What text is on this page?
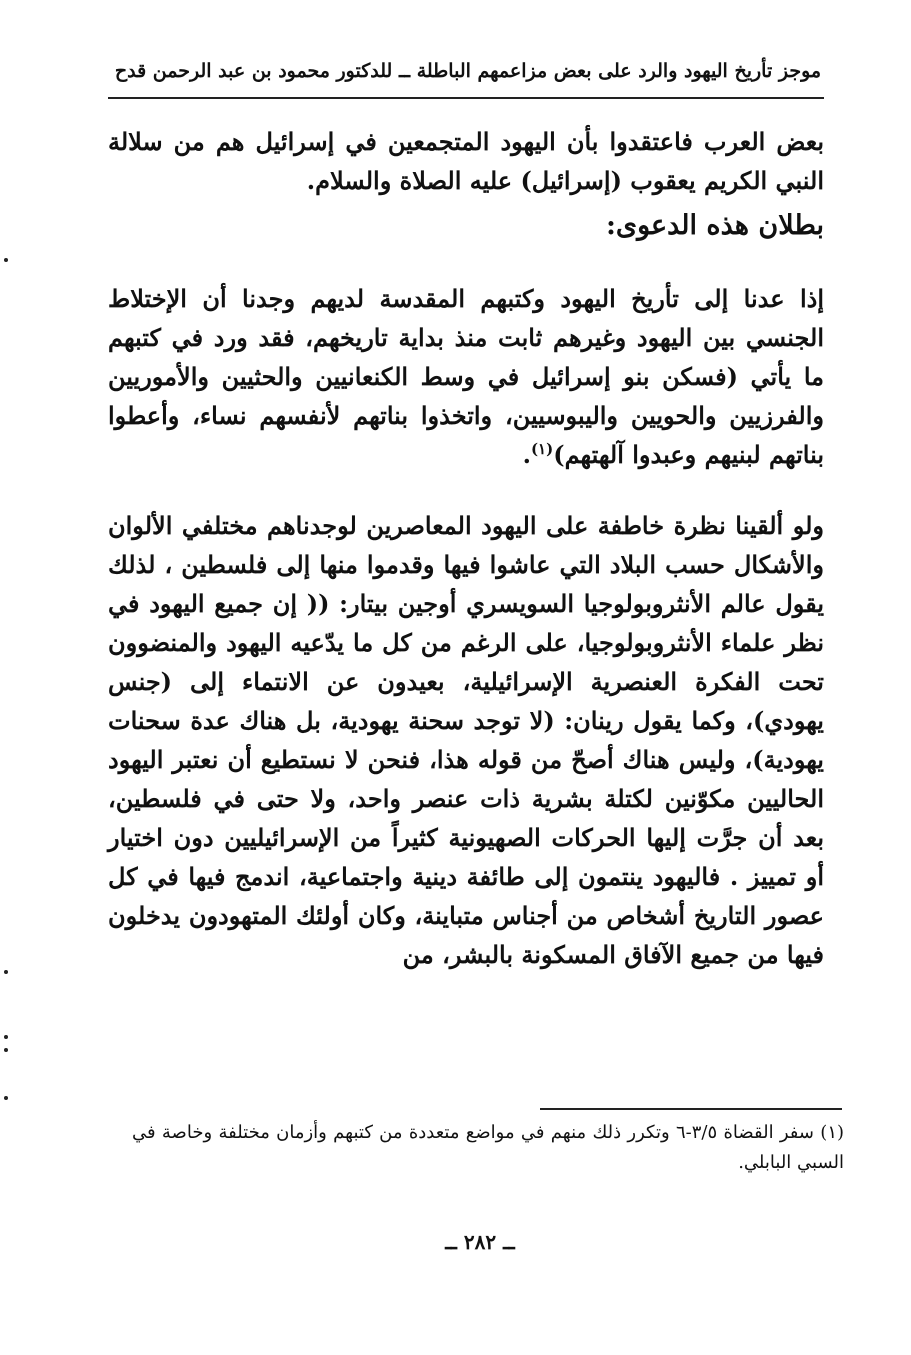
موجز تأريخ اليهود والرد على بعض مزاعمهم الباطلة ــ للدكتور محمود بن عبد الرحمن قدح

بعض العرب فاعتقدوا بأن اليهود المتجمعين في إسرائيل هم من سلالة النبي الكريم يعقوب (إسرائيل) عليه الصلاة والسلام.

بطلان هذه الدعوى:

إذا عدنا إلى تأريخ اليهود وكتبهم المقدسة لديهم وجدنا أن الإختلاط الجنسي بين اليهود وغيرهم ثابت منذ بداية تاريخهم، فقد ورد في كتبهم ما يأتي (فسكن بنو إسرائيل في وسط الكنعانيين والحثيين والأموريين والفرزيين والحويين واليبوسيين، واتخذوا بناتهم لأنفسهم نساء، وأعطوا بناتهم لبنيهم وعبدوا آلهتهم)$^{(١)}$.

ولو ألقينا نظرة خاطفة على اليهود المعاصرين لوجدناهم مختلفي الألوان والأشكال حسب البلاد التي عاشوا فيها وقدموا منها إلى فلسطين ، لذلك يقول عالم الأنثروبولوجيا السويسري أوجين بيتار: (( إن جميع اليهود في نظر علماء الأنثروبولوجيا، على الرغم من كل ما يدّعيه اليهود والمنضوون تحت الفكرة العنصرية الإسرائيلية، بعيدون عن الانتماء إلى (جنس يهودي)، وكما يقول رينان: (لا توجد سحنة يهودية، بل هناك عدة سحنات يهودية)، وليس هناك أصحّ من قوله هذا، فنحن لا نستطيع أن نعتبر اليهود الحاليين مكوّنين لكتلة بشرية ذات عنصر واحد، ولا حتى في فلسطين، بعد أن جرَّت إليها الحركات الصهيونية كثيراً من الإسرائيليين دون اختيار أو تمييز . فاليهود ينتمون إلى طائفة دينية واجتماعية، اندمج فيها في كل عصور التاريخ أشخاص من أجناس متباينة، وكان أولئك المتهودون يدخلون فيها من جميع الآفاق المسكونة بالبشر، من

(١) سفر القضاة ٣/٥-٦ وتكرر ذلك منهم في مواضع متعددة من كتبهم وأزمان مختلفة وخاصة في السبي البابلي.

ــ ٢٨٢ ــ
